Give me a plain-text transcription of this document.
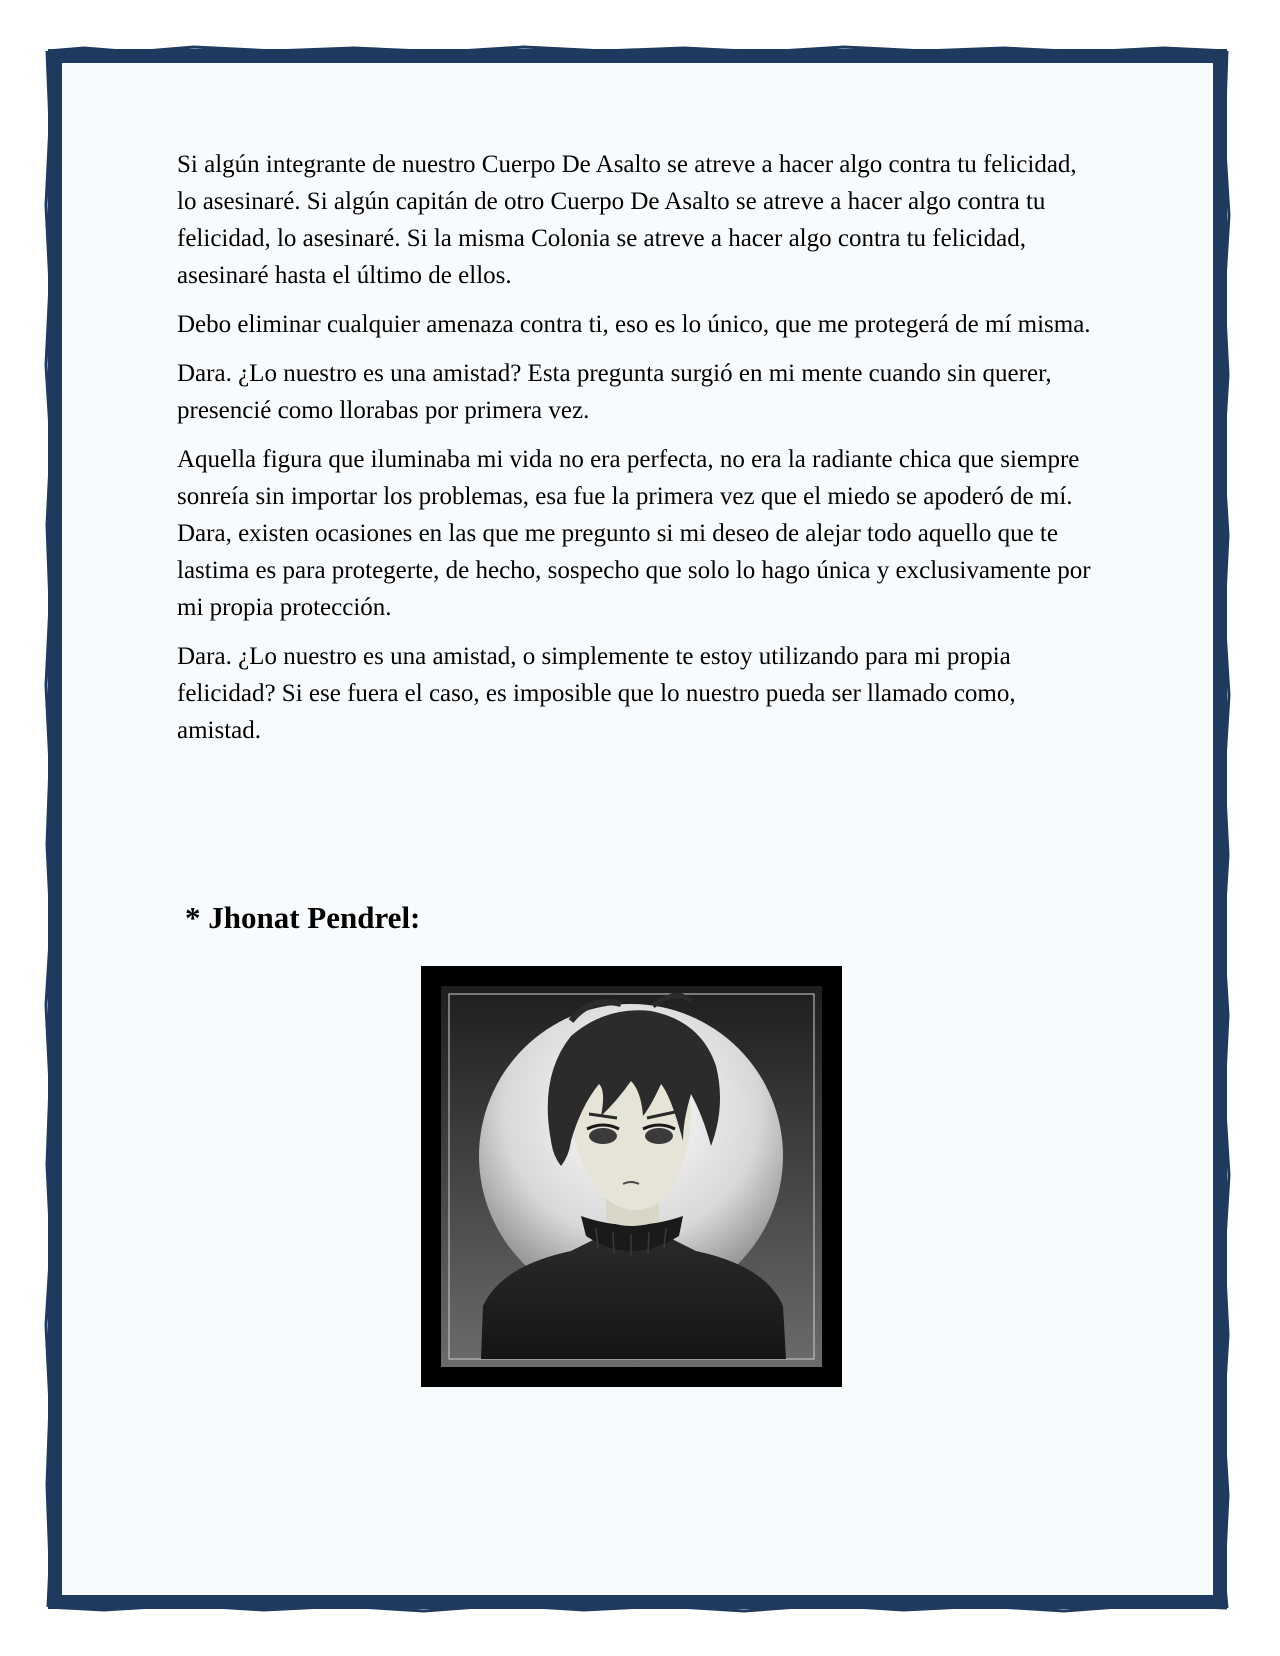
Si algún integrante de nuestro Cuerpo De Asalto se atreve a hacer algo contra tu felicidad, lo asesinaré. Si algún capitán de otro Cuerpo De Asalto se atreve a hacer algo contra tu felicidad, lo asesinaré. Si la misma Colonia se atreve a hacer algo contra tu felicidad, asesinaré hasta el último de ellos.

Debo eliminar cualquier amenaza contra ti, eso es lo único, que me protegerá de mí misma.

Dara. ¿Lo nuestro es una amistad? Esta pregunta surgió en mi mente cuando sin querer, presencié como llorabas por primera vez.

Aquella figura que iluminaba mi vida no era perfecta, no era la radiante chica que siempre sonreía sin importar los problemas, esa fue la primera vez que el miedo se apoderó de mí. Dara, existen ocasiones en las que me pregunto si mi deseo de alejar todo aquello que te lastima es para protegerte, de hecho, sospecho que solo lo hago única y exclusivamente por mi propia protección.

Dara. ¿Lo nuestro es una amistad, o simplemente te estoy utilizando para mi propia felicidad? Si ese fuera el caso, es imposible que lo nuestro pueda ser llamado como, amistad.

* Jhonat Pendrel:
